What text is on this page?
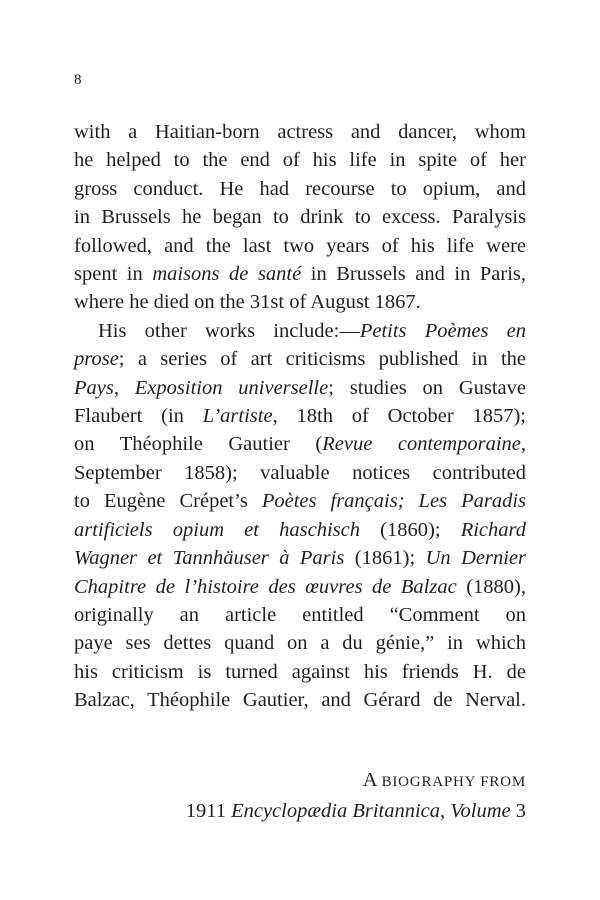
8
with a Haitian-born actress and dancer, whom
he helped to the end of his life in spite of her
gross conduct. He had recourse to opium, and
in Brussels he began to drink to excess. Paralysis
followed, and the last two years of his life were
spent in maisons de santé in Brussels and in Paris,
where he died on the 31st of August 1867.
His other works include:—Petits Poèmes en
prose; a series of art criticisms published in the
Pays, Exposition universelle; studies on Gustave
Flaubert (in L’artiste, 18th of October 1857);
on Théophile Gautier (Revue contemporaine,
September 1858); valuable notices contributed
to Eugène Crépet’s Poètes français; Les Paradis
artificiels opium et haschisch (1860); Richard
Wagner et Tannhäuser à Paris (1861); Un Dernier
Chapitre de l’histoire des œuvres de Balzac (1880),
originally an article entitled “Comment on
paye ses dettes quand on a du génie,” in which
his criticism is turned against his friends H. de
Balzac, Théophile Gautier, and Gérard de Nerval.
A BIOGRAPHY FROM
1911 Encyclopædia Britannica, Volume 3
